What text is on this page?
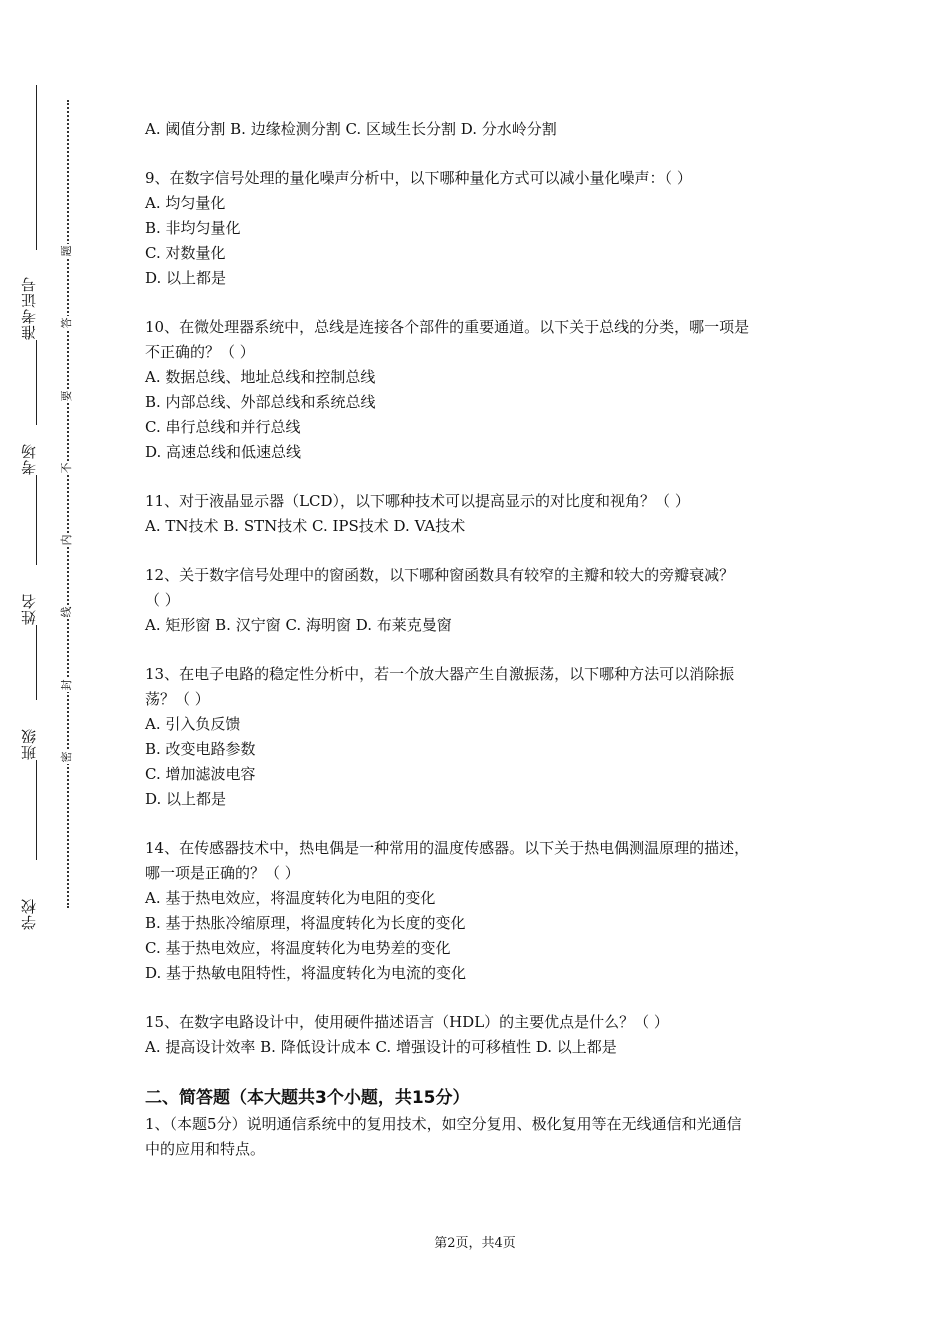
学校
班级
姓名
考场
准考证号
题
答
要
不
内
线
封
密

A. 阈值分割 B. 边缘检测分割 C. 区域生长分割 D. 分水岭分割

9、在数字信号处理的量化噪声分析中，以下哪种量化方式可以减小量化噪声：（ ）

A. 均匀量化

B. 非均匀量化

C. 对数量化

D. 以上都是

10、在微处理器系统中，总线是连接各个部件的重要通道。以下关于总线的分类，哪一项是

不正确的？（ ）

A. 数据总线、地址总线和控制总线

B. 内部总线、外部总线和系统总线

C. 串行总线和并行总线

D. 高速总线和低速总线

11、对于液晶显示器（LCD），以下哪种技术可以提高显示的对比度和视角？（ ）

A. TN技术 B. STN技术 C. IPS技术 D. VA技术

12、关于数字信号处理中的窗函数，以下哪种窗函数具有较窄的主瓣和较大的旁瓣衰减？

（ ）

A. 矩形窗 B. 汉宁窗 C. 海明窗 D. 布莱克曼窗

13、在电子电路的稳定性分析中，若一个放大器产生自激振荡，以下哪种方法可以消除振

荡？（ ）

A. 引入负反馈

B. 改变电路参数

C. 增加滤波电容

D. 以上都是

14、在传感器技术中，热电偶是一种常用的温度传感器。以下关于热电偶测温原理的描述，

哪一项是正确的？（ ）

A. 基于热电效应，将温度转化为电阻的变化

B. 基于热胀冷缩原理，将温度转化为长度的变化

C. 基于热电效应，将温度转化为电势差的变化

D. 基于热敏电阻特性，将温度转化为电流的变化

15、在数字电路设计中，使用硬件描述语言（HDL）的主要优点是什么？（ ）

A. 提高设计效率 B. 降低设计成本 C. 增强设计的可移植性 D. 以上都是

二、简答题（本大题共3个小题，共15分）

1、（本题5分）说明通信系统中的复用技术，如空分复用、极化复用等在无线通信和光通信

中的应用和特点。

第2页，共4页
